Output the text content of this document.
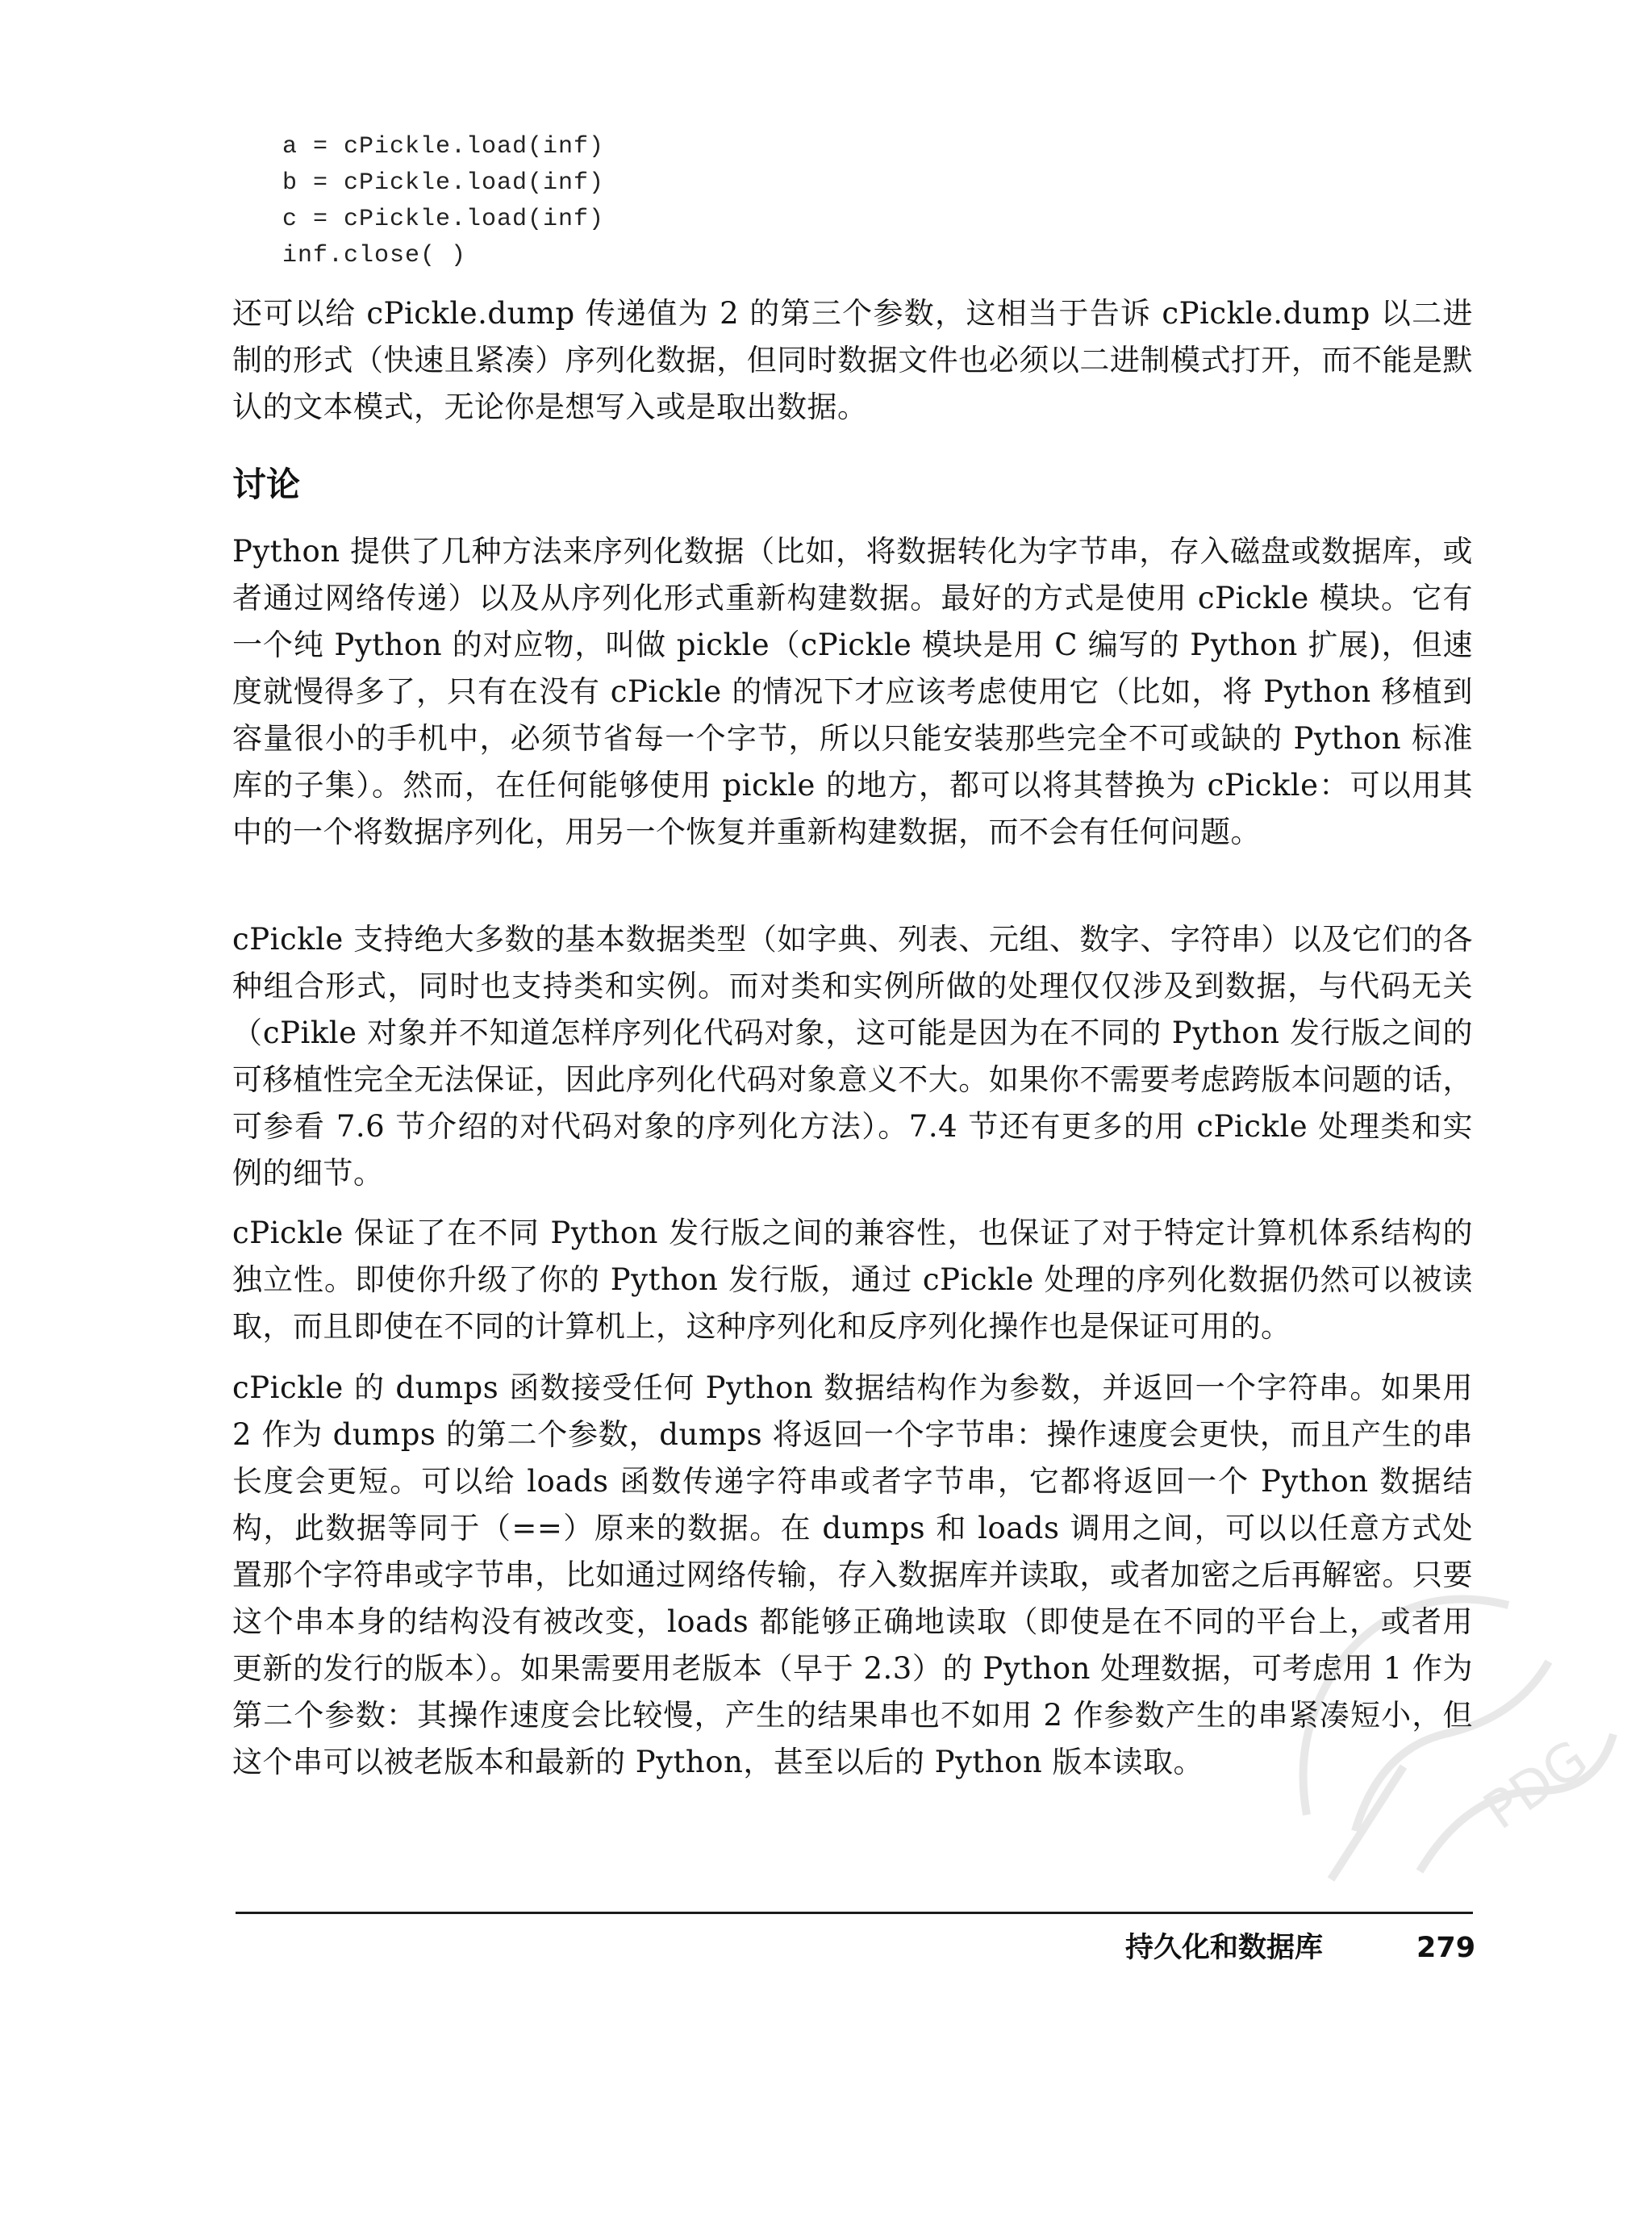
a = cPickle.load(inf)
b = cPickle.load(inf)
c = cPickle.load(inf)
inf.close( )

还可以给 cPickle.dump 传递值为 2 的第三个参数，这相当于告诉 cPickle.dump 以二进制的形式（快速且紧凑）序列化数据，但同时数据文件也必须以二进制模式打开，而不能是默认的文本模式，无论你是想写入或是取出数据。

讨论

Python 提供了几种方法来序列化数据（比如，将数据转化为字节串，存入磁盘或数据库，或者通过网络传递）以及从序列化形式重新构建数据。最好的方式是使用 cPickle 模块。它有一个纯 Python 的对应物，叫做 pickle（cPickle 模块是用 C 编写的 Python 扩展)，但速度就慢得多了，只有在没有 cPickle 的情况下才应该考虑使用它（比如，将 Python 移植到容量很小的手机中，必须节省每一个字节，所以只能安装那些完全不可或缺的 Python 标准库的子集）。然而，在任何能够使用 pickle 的地方，都可以将其替换为 cPickle：可以用其中的一个将数据序列化，用另一个恢复并重新构建数据，而不会有任何问题。

cPickle 支持绝大多数的基本数据类型（如字典、列表、元组、数字、字符串）以及它们的各种组合形式，同时也支持类和实例。而对类和实例所做的处理仅仅涉及到数据，与代码无关（cPikle 对象并不知道怎样序列化代码对象，这可能是因为在不同的 Python 发行版之间的可移植性完全无法保证，因此序列化代码对象意义不大。如果你不需要考虑跨版本问题的话，可参看 7.6 节介绍的对代码对象的序列化方法）。7.4 节还有更多的用 cPickle 处理类和实例的细节。

cPickle 保证了在不同 Python 发行版之间的兼容性，也保证了对于特定计算机体系结构的独立性。即使你升级了你的 Python 发行版，通过 cPickle 处理的序列化数据仍然可以被读取，而且即使在不同的计算机上，这种序列化和反序列化操作也是保证可用的。

cPickle 的 dumps 函数接受任何 Python 数据结构作为参数，并返回一个字符串。如果用 2 作为 dumps 的第二个参数，dumps 将返回一个字节串：操作速度会更快，而且产生的串长度会更短。可以给 loads 函数传递字符串或者字节串，它都将返回一个 Python 数据结构，此数据等同于（==）原来的数据。在 dumps 和 loads 调用之间，可以以任意方式处置那个字符串或字节串，比如通过网络传输，存入数据库并读取，或者加密之后再解密。只要这个串本身的结构没有被改变，loads 都能够正确地读取（即使是在不同的平台上，或者用更新的发行的版本）。如果需要用老版本（早于 2.3）的 Python 处理数据，可考虑用 1 作为第二个参数：其操作速度会比较慢，产生的结果串也不如用 2 作参数产生的串紧凑短小，但这个串可以被老版本和最新的 Python，甚至以后的 Python 版本读取。

持久化和数据库	279
PDG
